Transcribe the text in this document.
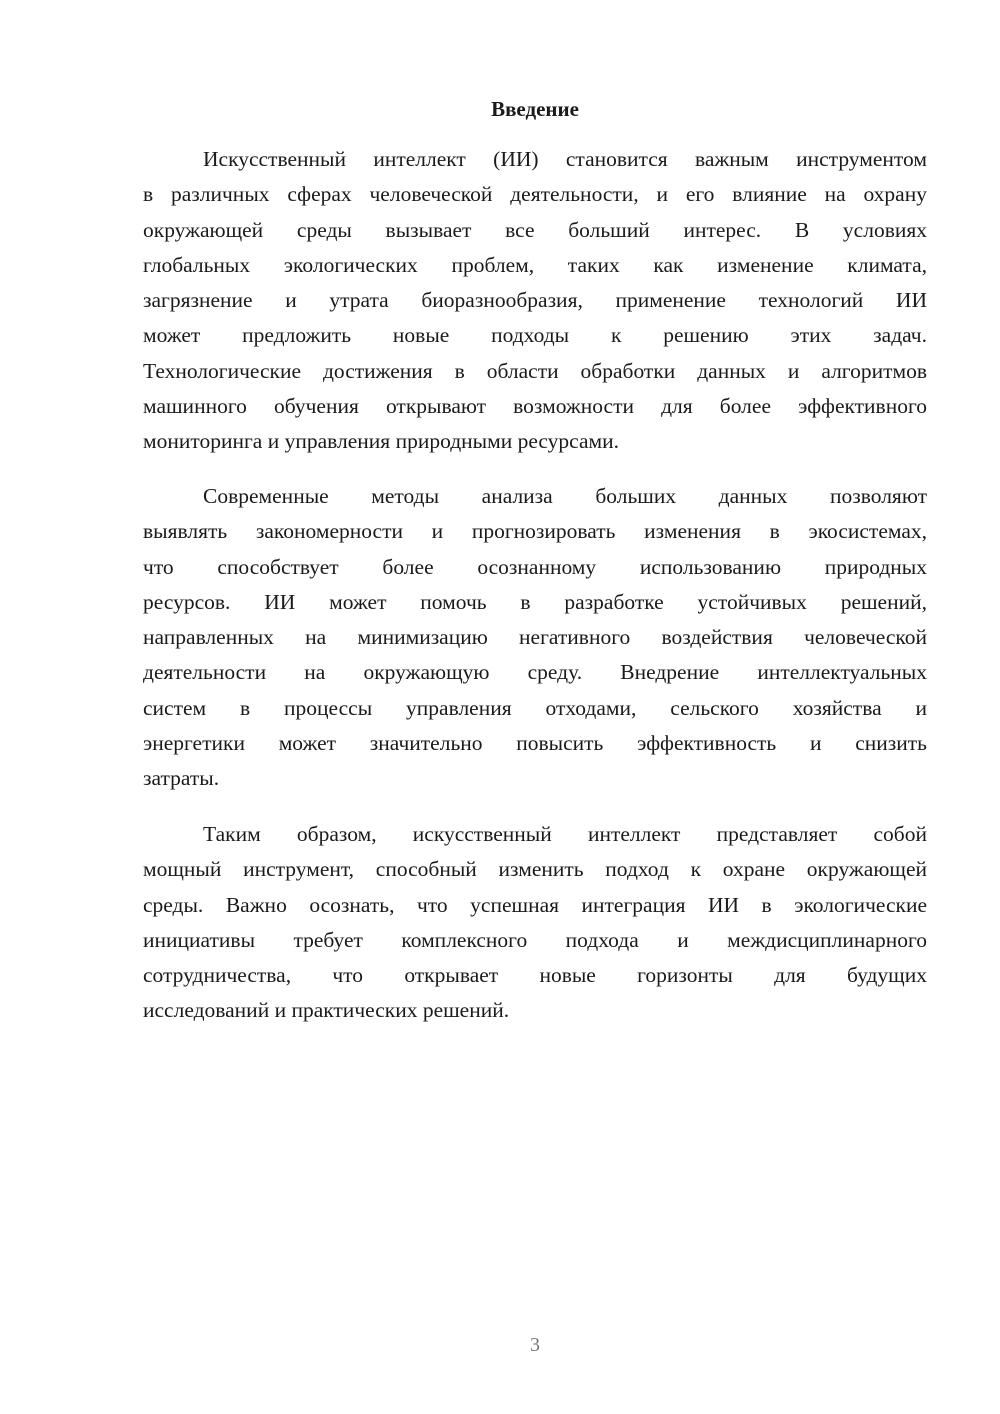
Введение
Искусственный интеллект (ИИ) становится важным инструментом
в различных сферах человеческой деятельности, и его влияние на охрану
окружающей среды вызывает все больший интерес. В условиях
глобальных экологических проблем, таких как изменение климата,
загрязнение и утрата биоразнообразия, применение технологий ИИ
может предложить новые подходы к решению этих задач.
Технологические достижения в области обработки данных и алгоритмов
машинного обучения открывают возможности для более эффективного
мониторинга и управления природными ресурсами.
Современные методы анализа больших данных позволяют
выявлять закономерности и прогнозировать изменения в экосистемах,
что способствует более осознанному использованию природных
ресурсов. ИИ может помочь в разработке устойчивых решений,
направленных на минимизацию негативного воздействия человеческой
деятельности на окружающую среду. Внедрение интеллектуальных
систем в процессы управления отходами, сельского хозяйства и
энергетики может значительно повысить эффективность и снизить
затраты.
Таким образом, искусственный интеллект представляет собой
мощный инструмент, способный изменить подход к охране окружающей
среды. Важно осознать, что успешная интеграция ИИ в экологические
инициативы требует комплексного подхода и междисциплинарного
сотрудничества, что открывает новые горизонты для будущих
исследований и практических решений.
3
